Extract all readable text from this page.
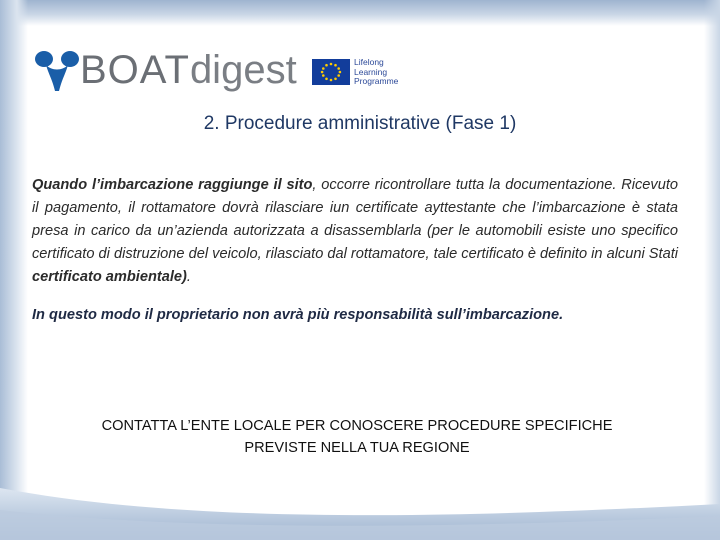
BOAT digest	Lifelong
Learning
Programme
2. Procedure amministrative (Fase 1)
Quando l’imbarcazione raggiunge il sito, occorre ricontrollare tutta la documentazione. Ricevuto il pagamento, il rottamatore dovrà rilasciare iun certificate ayttestante che l’imbarcazione è stata presa in carico da un’azienda autorizzata a disassemblarla (per le automobili esiste uno specifico certificato di distruzione del veicolo, rilasciato dal rottamatore, tale certificato è definito in alcuni Stati certificato ambientale).
In questo modo il proprietario non avrà più responsabilità sull’imbarcazione.
CONTATTA L’ENTE LOCALE PER CONOSCERE PROCEDURE SPECIFICHE
PREVISTE NELLA TUA REGIONE
